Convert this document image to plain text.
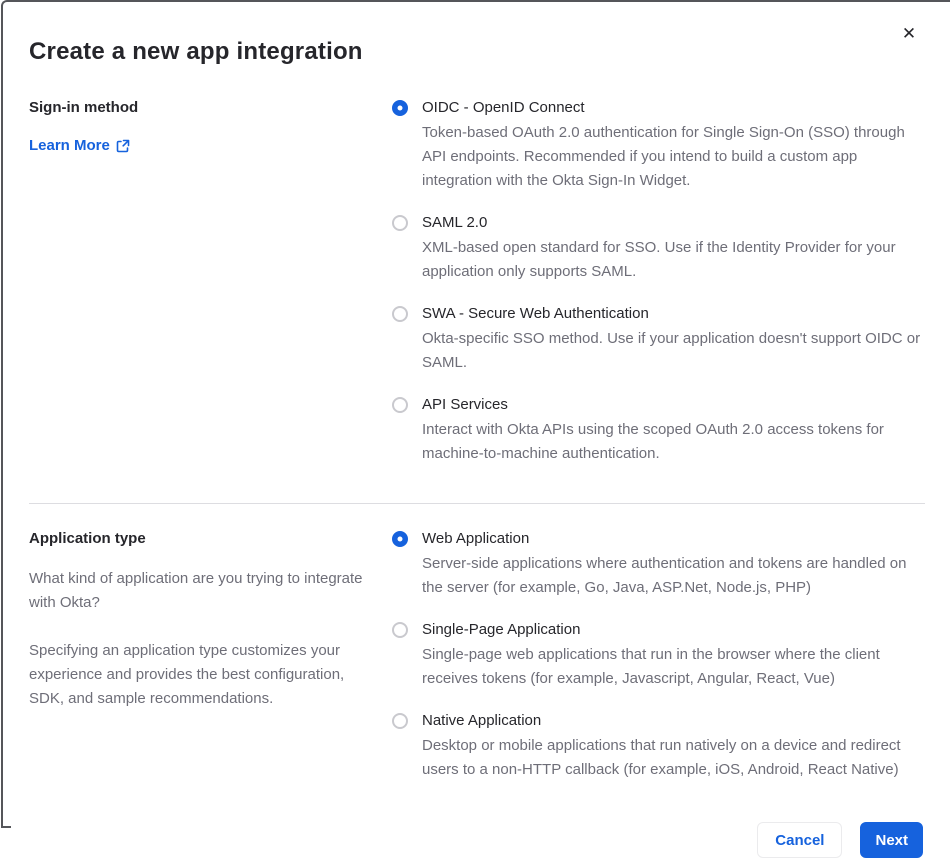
Create a new app integration
✕
Sign-in method
Learn More
OIDC - OpenID Connect
Token-based OAuth 2.0 authentication for Single Sign-On (SSO) through API endpoints. Recommended if you intend to build a custom app integration with the Okta Sign-In Widget.
SAML 2.0
XML-based open standard for SSO. Use if the Identity Provider for your application only supports SAML.
SWA - Secure Web Authentication
Okta-specific SSO method. Use if your application doesn't support OIDC or SAML.
API Services
Interact with Okta APIs using the scoped OAuth 2.0 access tokens for machine-to-machine authentication.
Application type
What kind of application are you trying to integrate with Okta?
Specifying an application type customizes your experience and provides the best configuration, SDK, and sample recommendations.
Web Application
Server-side applications where authentication and tokens are handled on the server (for example, Go, Java, ASP.Net, Node.js, PHP)
Single-Page Application
Single-page web applications that run in the browser where the client receives tokens (for example, Javascript, Angular, React, Vue)
Native Application
Desktop or mobile applications that run natively on a device and redirect users to a non-HTTP callback (for example, iOS, Android, React Native)
Cancel	Next
